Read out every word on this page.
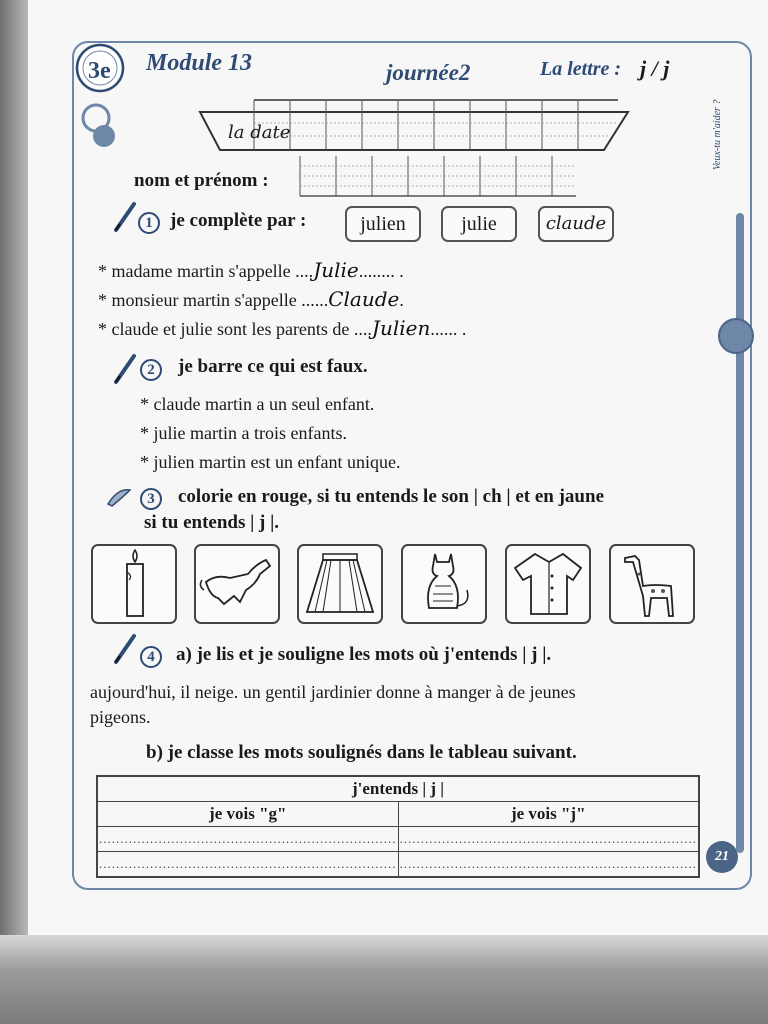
3e Module 13	journée2	La lettre : j / j
Veux-tu m'aider ?
la date
nom et prénom :
1 je complète par :	julien	julie	claude
* madame martin s'appelle ....Julie........ .
* monsieur martin s'appelle ......Claude.
* claude et julie sont les parents de ....Julien...... .
2	je barre ce qui est faux.
* claude martin a un seul enfant.
* julie martin a trois enfants.
* julien martin est un enfant unique.
3	colorie en rouge, si tu entends le son | ch | et en jaune
si tu entends | j |.
4	a) je lis et je souligne les mots où j'entends | j |.
aujourd'hui, il neige. un gentil jardinier donne à manger à de jeunes
pigeons.
b) je classe les mots soulignés dans le tableau suivant.
j'entends | j |	
je vois "g"	je vois "j"
......................................................................	......................................................................
......................................................................	......................................................................	21
